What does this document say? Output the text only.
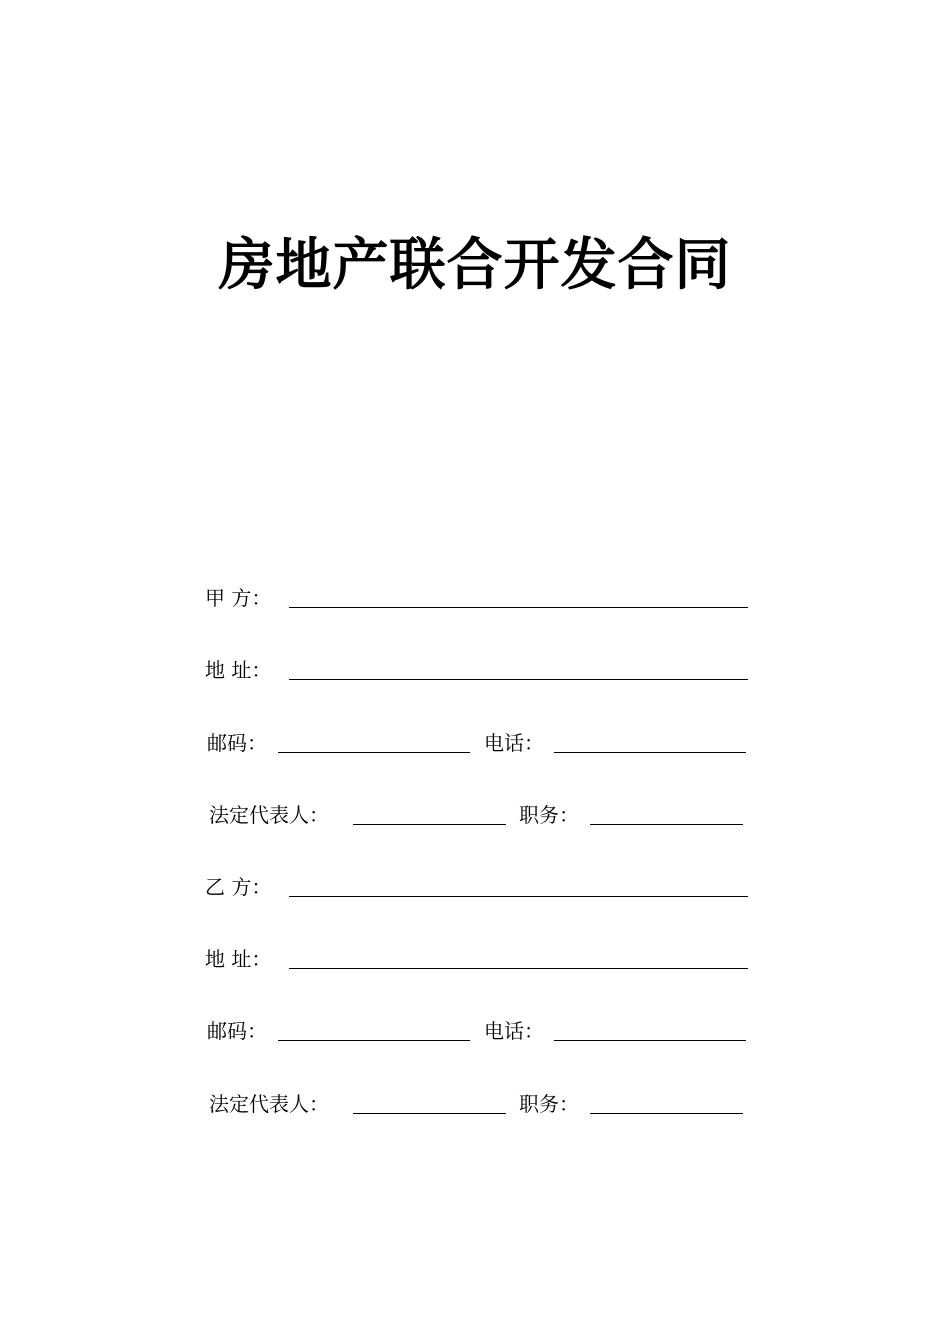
房地产联合开发合同
甲 方：
地 址：
邮码：	电话：
法定代表人：	职务：
乙 方：
地 址：
邮码：	电话：
法定代表人：	职务：
